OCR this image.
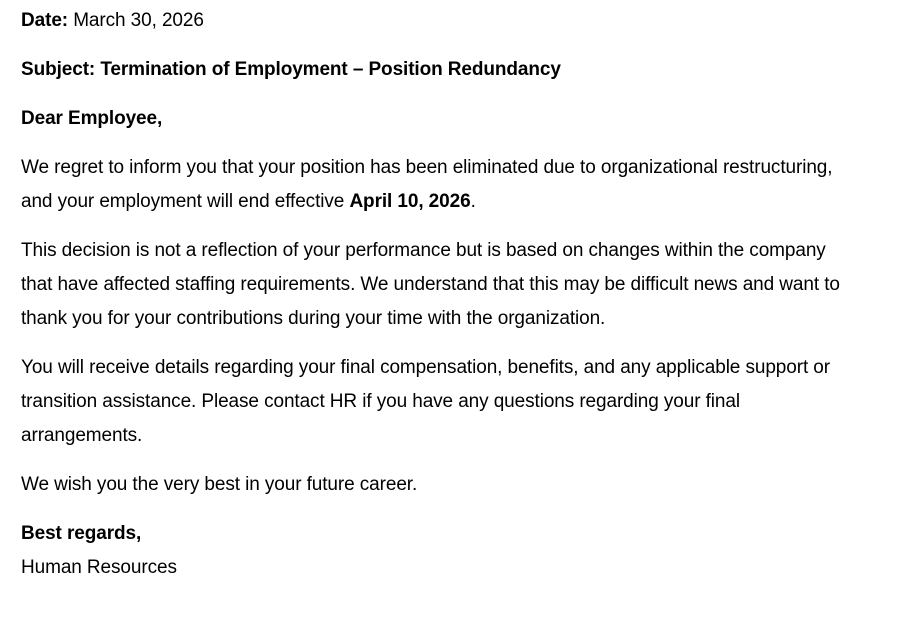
Date: March 30, 2026

Subject: Termination of Employment – Position Redundancy

Dear Employee,

We regret to inform you that your position has been eliminated due to organizational restructuring, and your employment will end effective April 10, 2026.

This decision is not a reflection of your performance but is based on changes within the company that have affected staffing requirements. We understand that this may be difficult news and want to thank you for your contributions during your time with the organization.

You will receive details regarding your final compensation, benefits, and any applicable support or transition assistance. Please contact HR if you have any questions regarding your final arrangements.

We wish you the very best in your future career.

Best regards,
Human Resources
